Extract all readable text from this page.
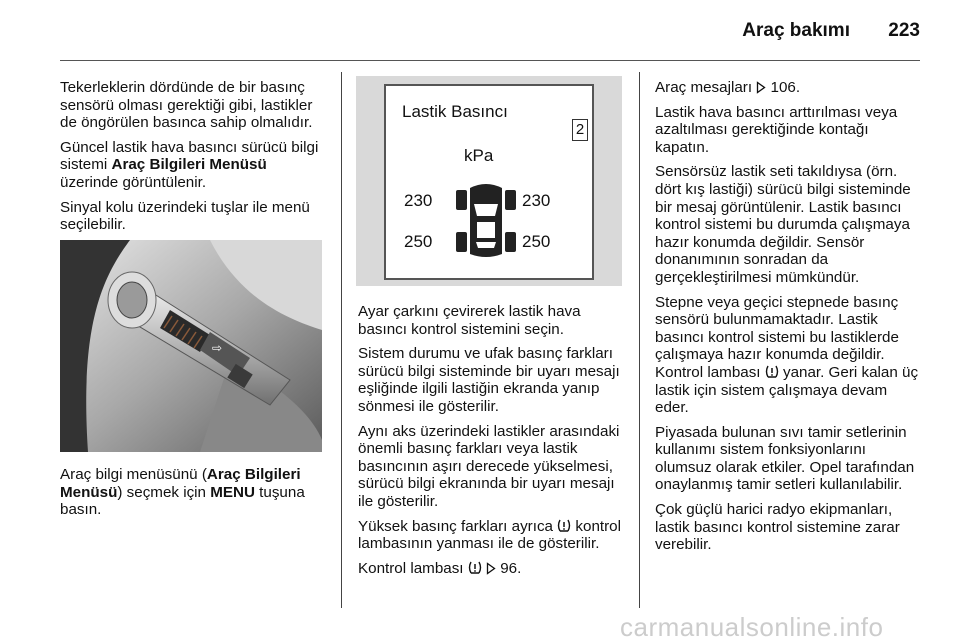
Araç bakımı 223

Tekerleklerin dördünde de bir basınç sensörü olması gerektiği gibi, lastikler de öngörülen basınca sahip olmalıdır.

Güncel lastik hava basıncı sürücü bilgi sistemi Araç Bilgileri Menüsü üzerinde görüntülenir.

Sinyal kolu üzerindeki tuşlar ile menü seçilebilir.

⇨

Araç bilgi menüsünü (Araç Bilgileri Menüsü) seçmek için MENU tuşuna basın.

Lastik Basıncı
2
kPa
230	230
250	250

Ayar çarkını çevirerek lastik hava basıncı kontrol sistemini seçin.

Sistem durumu ve ufak basınç farkları sürücü bilgi sisteminde bir uyarı mesajı eşliğinde ilgili lastiğin ekranda yanıp sönmesi ile gösterilir.

Aynı aks üzerindeki lastikler arasındaki önemli basınç farkları veya lastik basıncının aşırı derecede yükselmesi, sürücü bilgi ekranında bir uyarı mesajı ile gösterilir.

Yüksek basınç farkları ayrıca  kontrol lambasının yanması ile de gösterilir.

Kontrol lambası   96.

Araç mesajları  106.

Lastik hava basıncı arttırılması veya azaltılması gerektiğinde kontağı kapatın.

Sensörsüz lastik seti takıldıysa (örn. dört kış lastiği) sürücü bilgi sisteminde bir mesaj görüntülenir. Lastik basıncı kontrol sistemi bu durumda çalışmaya hazır konumda değildir. Sensör donanımının sonradan da gerçekleştirilmesi mümkündür.

Stepne veya geçici stepnede basınç sensörü bulunmamaktadır. Lastik basıncı kontrol sistemi bu lastiklerde çalışmaya hazır konumda değildir. Kontrol lambası  yanar. Geri kalan üç lastik için sistem çalışmaya devam eder.

Piyasada bulunan sıvı tamir setlerinin kullanımı sistem fonksiyonlarını olumsuz olarak etkiler. Opel tarafından onaylanmış tamir setleri kullanılabilir.

Çok güçlü harici radyo ekipmanları, lastik basıncı kontrol sistemine zarar verebilir.

carmanualsonline.info
